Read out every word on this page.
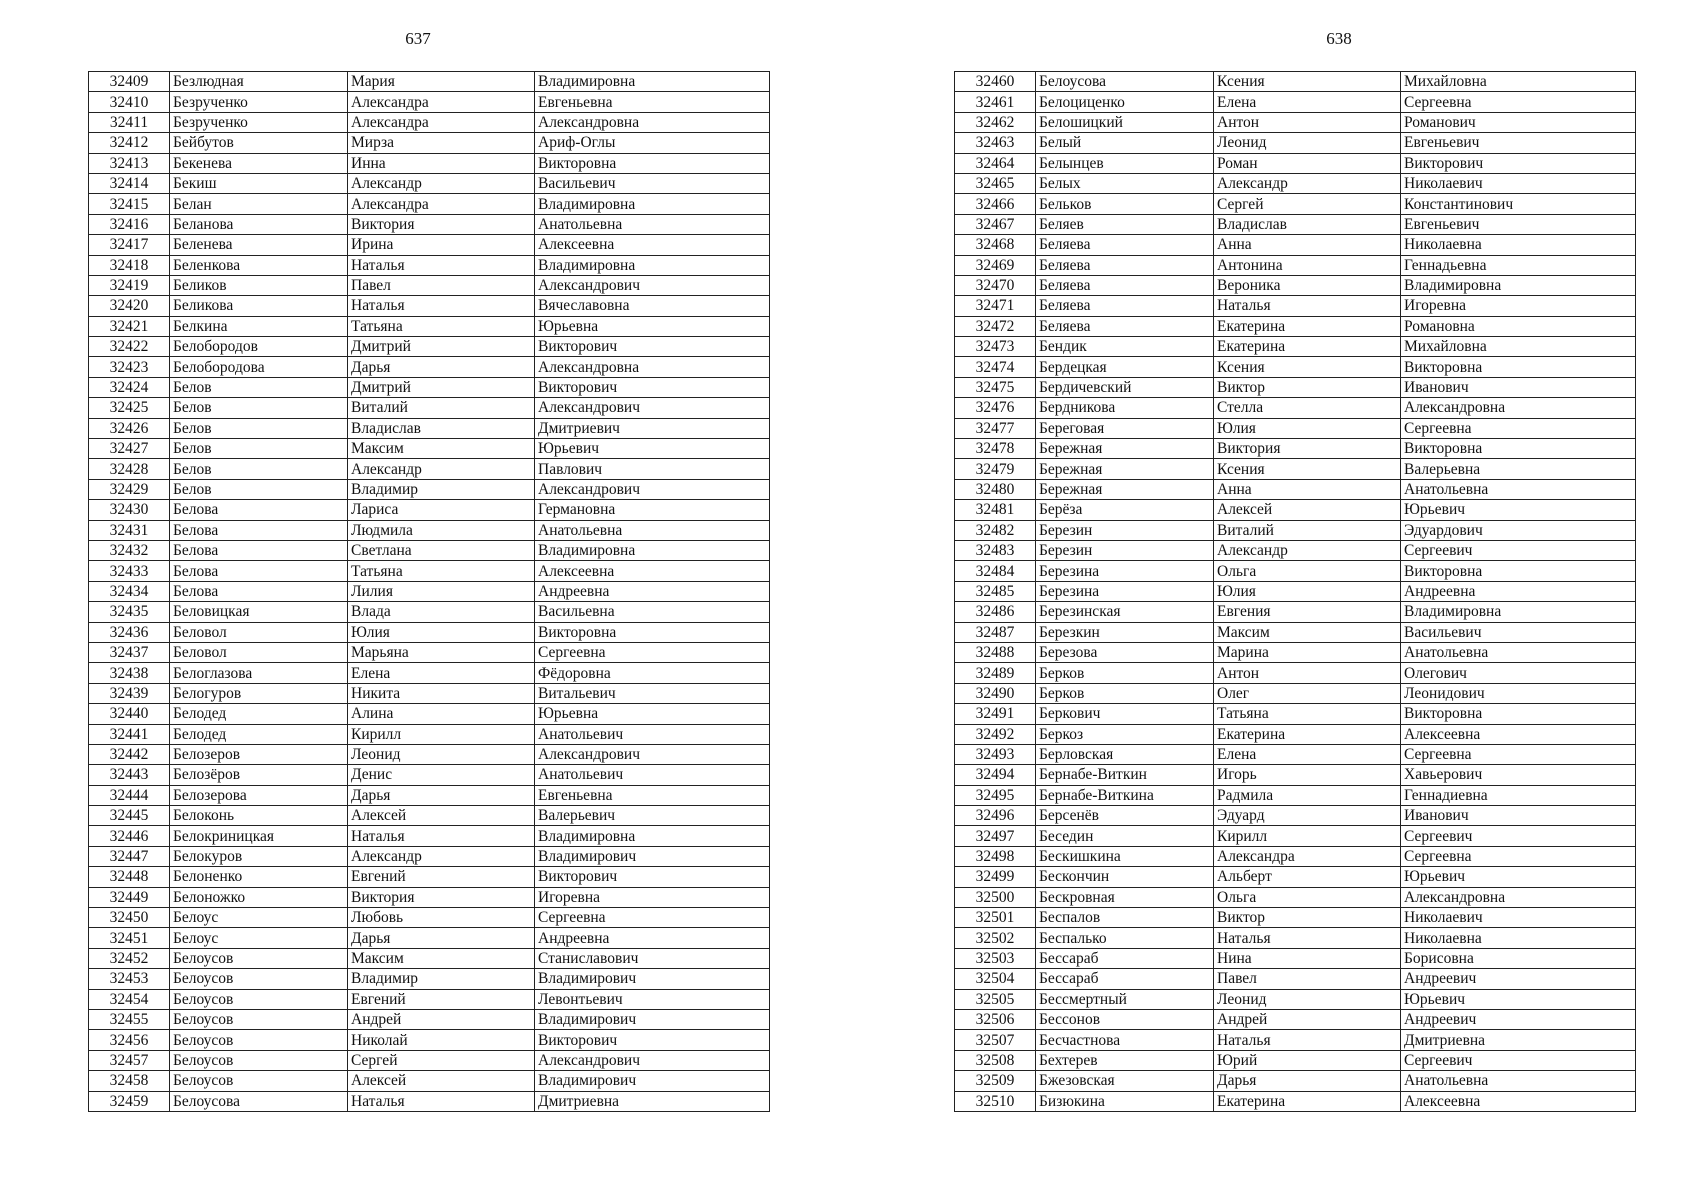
637
32409	Безлюдная	Мария	Владимировна
32410	Безрученко	Александра	Евгеньевна
32411	Безрученко	Александра	Александровна
32412	Бейбутов	Мирза	Ариф-Оглы
32413	Бекенева	Инна	Викторовна
32414	Бекиш	Александр	Васильевич
32415	Белан	Александра	Владимировна
32416	Беланова	Виктория	Анатольевна
32417	Беленева	Ирина	Алексеевна
32418	Беленкова	Наталья	Владимировна
32419	Беликов	Павел	Александрович
32420	Беликова	Наталья	Вячеславовна
32421	Белкина	Татьяна	Юрьевна
32422	Белобородов	Дмитрий	Викторович
32423	Белобородова	Дарья	Александровна
32424	Белов	Дмитрий	Викторович
32425	Белов	Виталий	Александрович
32426	Белов	Владислав	Дмитриевич
32427	Белов	Максим	Юрьевич
32428	Белов	Александр	Павлович
32429	Белов	Владимир	Александрович
32430	Белова	Лариса	Германовна
32431	Белова	Людмила	Анатольевна
32432	Белова	Светлана	Владимировна
32433	Белова	Татьяна	Алексеевна
32434	Белова	Лилия	Андреевна
32435	Беловицкая	Влада	Васильевна
32436	Беловол	Юлия	Викторовна
32437	Беловол	Марьяна	Сергеевна
32438	Белоглазова	Елена	Фёдоровна
32439	Белогуров	Никита	Витальевич
32440	Белодед	Алина	Юрьевна
32441	Белодед	Кирилл	Анатольевич
32442	Белозеров	Леонид	Александрович
32443	Белозёров	Денис	Анатольевич
32444	Белозерова	Дарья	Евгеньевна
32445	Белоконь	Алексей	Валерьевич
32446	Белокриницкая	Наталья	Владимировна
32447	Белокуров	Александр	Владимирович
32448	Белоненко	Евгений	Викторович
32449	Белоножко	Виктория	Игоревна
32450	Белоус	Любовь	Сергеевна
32451	Белоус	Дарья	Андреевна
32452	Белоусов	Максим	Станиславович
32453	Белоусов	Владимир	Владимирович
32454	Белоусов	Евгений	Левонтьевич
32455	Белоусов	Андрей	Владимирович
32456	Белоусов	Николай	Викторович
32457	Белоусов	Сергей	Александрович
32458	Белоусов	Алексей	Владимирович
32459	Белоусова	Наталья	Дмитриевна
638
32460	Белоусова	Ксения	Михайловна
32461	Белоциценко	Елена	Сергеевна
32462	Белошицкий	Антон	Романович
32463	Белый	Леонид	Евгеньевич
32464	Белынцев	Роман	Викторович
32465	Белых	Александр	Николаевич
32466	Бельков	Сергей	Константинович
32467	Беляев	Владислав	Евгеньевич
32468	Беляева	Анна	Николаевна
32469	Беляева	Антонина	Геннадьевна
32470	Беляева	Вероника	Владимировна
32471	Беляева	Наталья	Игоревна
32472	Беляева	Екатерина	Романовна
32473	Бендик	Екатерина	Михайловна
32474	Бердецкая	Ксения	Викторовна
32475	Бердичевский	Виктор	Иванович
32476	Бердникова	Стелла	Александровна
32477	Береговая	Юлия	Сергеевна
32478	Бережная	Виктория	Викторовна
32479	Бережная	Ксения	Валерьевна
32480	Бережная	Анна	Анатольевна
32481	Берёза	Алексей	Юрьевич
32482	Березин	Виталий	Эдуардович
32483	Березин	Александр	Сергеевич
32484	Березина	Ольга	Викторовна
32485	Березина	Юлия	Андреевна
32486	Березинская	Евгения	Владимировна
32487	Березкин	Максим	Васильевич
32488	Березова	Марина	Анатольевна
32489	Берков	Антон	Олегович
32490	Берков	Олег	Леонидович
32491	Беркович	Татьяна	Викторовна
32492	Беркоз	Екатерина	Алексеевна
32493	Берловская	Елена	Сергеевна
32494	Бернабе-Виткин	Игорь	Хавьерович
32495	Бернабе-Виткина	Радмила	Геннадиевна
32496	Берсенёв	Эдуард	Иванович
32497	Беседин	Кирилл	Сергеевич
32498	Бескишкина	Александра	Сергеевна
32499	Бескончин	Альберт	Юрьевич
32500	Бескровная	Ольга	Александровна
32501	Беспалов	Виктор	Николаевич
32502	Беспалько	Наталья	Николаевна
32503	Бессараб	Нина	Борисовна
32504	Бессараб	Павел	Андреевич
32505	Бессмертный	Леонид	Юрьевич
32506	Бессонов	Андрей	Андреевич
32507	Бесчастнова	Наталья	Дмитриевна
32508	Бехтерев	Юрий	Сергеевич
32509	Бжезовская	Дарья	Анатольевна
32510	Бизюкина	Екатерина	Алексеевна
